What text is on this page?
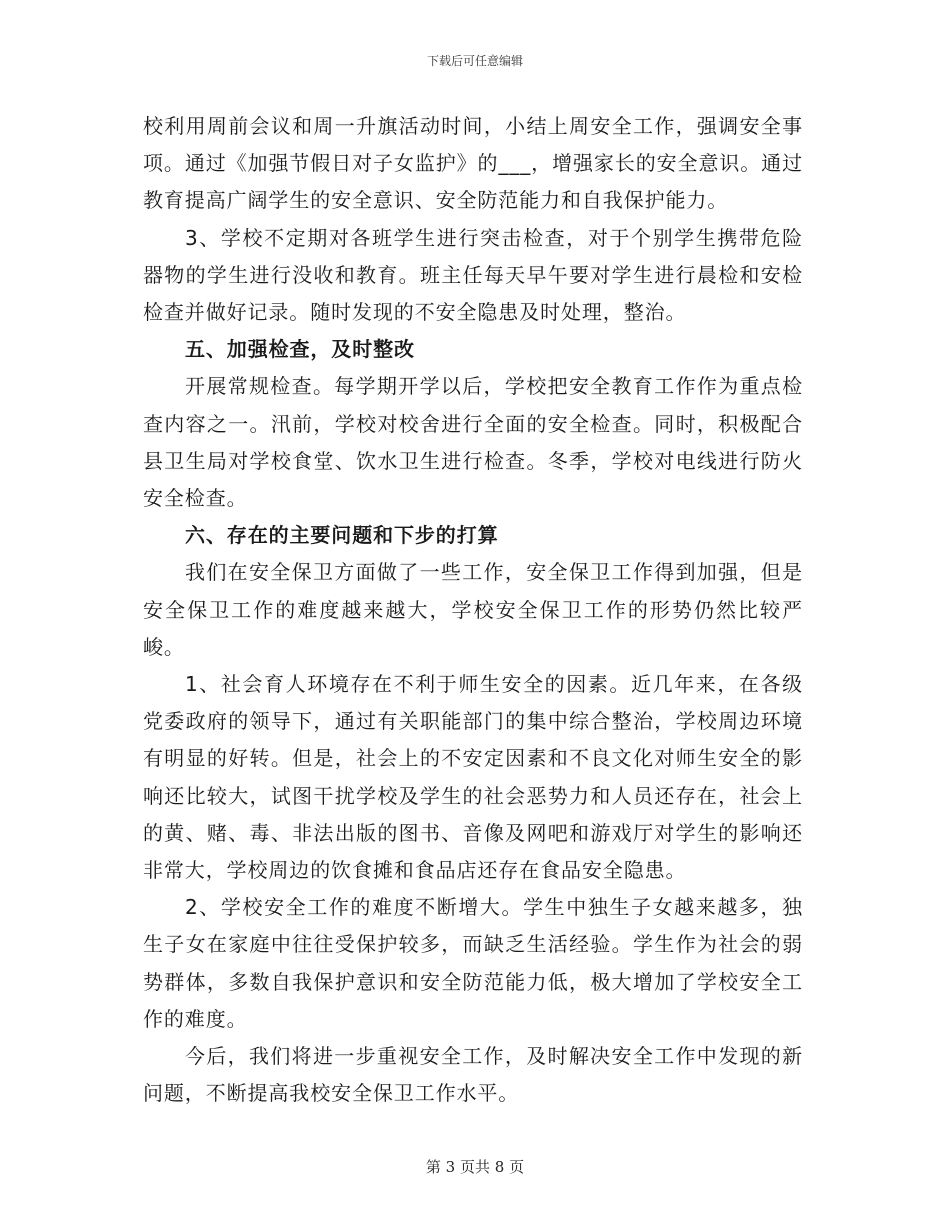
下载后可任意编辑

校利用周前会议和周一升旗活动时间，小结上周安全工作，强调安全事项。通过《加强节假日对子女监护》的___，增强家长的安全意识。通过教育提高广阔学生的安全意识、安全防范能力和自我保护能力。

3、学校不定期对各班学生进行突击检查，对于个别学生携带危险器物的学生进行没收和教育。班主任每天早午要对学生进行晨检和安检检查并做好记录。随时发现的不安全隐患及时处理，整治。

五、加强检查，及时整改

开展常规检查。每学期开学以后，学校把安全教育工作作为重点检查内容之一。汛前，学校对校舍进行全面的安全检查。同时，积极配合县卫生局对学校食堂、饮水卫生进行检查。冬季，学校对电线进行防火安全检查。

六、存在的主要问题和下步的打算

我们在安全保卫方面做了一些工作，安全保卫工作得到加强，但是安全保卫工作的难度越来越大，学校安全保卫工作的形势仍然比较严峻。

1、社会育人环境存在不利于师生安全的因素。近几年来，在各级党委政府的领导下，通过有关职能部门的集中综合整治，学校周边环境有明显的好转。但是，社会上的不安定因素和不良文化对师生安全的影响还比较大，试图干扰学校及学生的社会恶势力和人员还存在，社会上的黄、赌、毒、非法出版的图书、音像及网吧和游戏厅对学生的影响还非常大，学校周边的饮食摊和食品店还存在食品安全隐患。

2、学校安全工作的难度不断增大。学生中独生子女越来越多，独生子女在家庭中往往受保护较多，而缺乏生活经验。学生作为社会的弱势群体，多数自我保护意识和安全防范能力低，极大增加了学校安全工作的难度。

今后，我们将进一步重视安全工作，及时解决安全工作中发现的新问题，不断提高我校安全保卫工作水平。

第 3 页共 8 页
